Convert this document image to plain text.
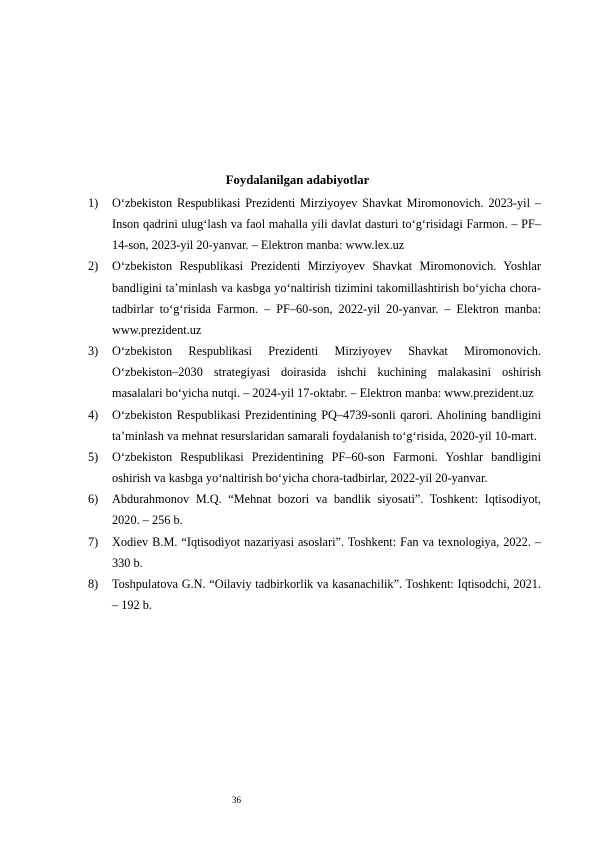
Foydalanilgan adabiyotlar
1) O‘zbekiston Respublikasi Prezidenti Mirziyoyev Shavkat Miromonovich. 2023-yil – Inson qadrini ulug‘lash va faol mahalla yili davlat dasturi to‘g‘risidagi Farmon. – PF–14-son, 2023-yil 20-yanvar. – Elektron manba: www.lex.uz
2) O‘zbekiston Respublikasi Prezidenti Mirziyoyev Shavkat Miromonovich. Yoshlar bandligini ta’minlash va kasbga yo‘naltirish tizimini takomillashtirish bo‘yicha chora-tadbirlar to‘g‘risida Farmon. – PF–60-son, 2022-yil 20-yanvar. – Elektron manba: www.prezident.uz
3) O‘zbekiston Respublikasi Prezidenti Mirziyoyev Shavkat Miromonovich. O‘zbekiston–2030 strategiyasi doirasida ishchi kuchining malakasini oshirish masalalari bo‘yicha nutqi. – 2024-yil 17-oktabr. – Elektron manba: www.prezident.uz
4) O‘zbekiston Respublikasi Prezidentining PQ–4739-sonli qarori. Aholining bandligini ta’minlash va mehnat resurslaridan samarali foydalanish to‘g‘risida, 2020-yil 10-mart.
5) O‘zbekiston Respublikasi Prezidentining PF–60-son Farmoni. Yoshlar bandligini oshirish va kasbga yo‘naltirish bo‘yicha chora-tadbirlar, 2022-yil 20-yanvar.
6) Abdurahmonov M.Q. “Mehnat bozori va bandlik siyosati”. Toshkent: Iqtisodiyot, 2020. – 256 b.
7) Xodiev B.M. “Iqtisodiyot nazariyasi asoslari”. Toshkent: Fan va texnologiya, 2022. – 330 b.
8) Toshpulatova G.N. “Oilaviy tadbirkorlik va kasanachilik”. Toshkent: Iqtisodchi, 2021. – 192 b.
36
